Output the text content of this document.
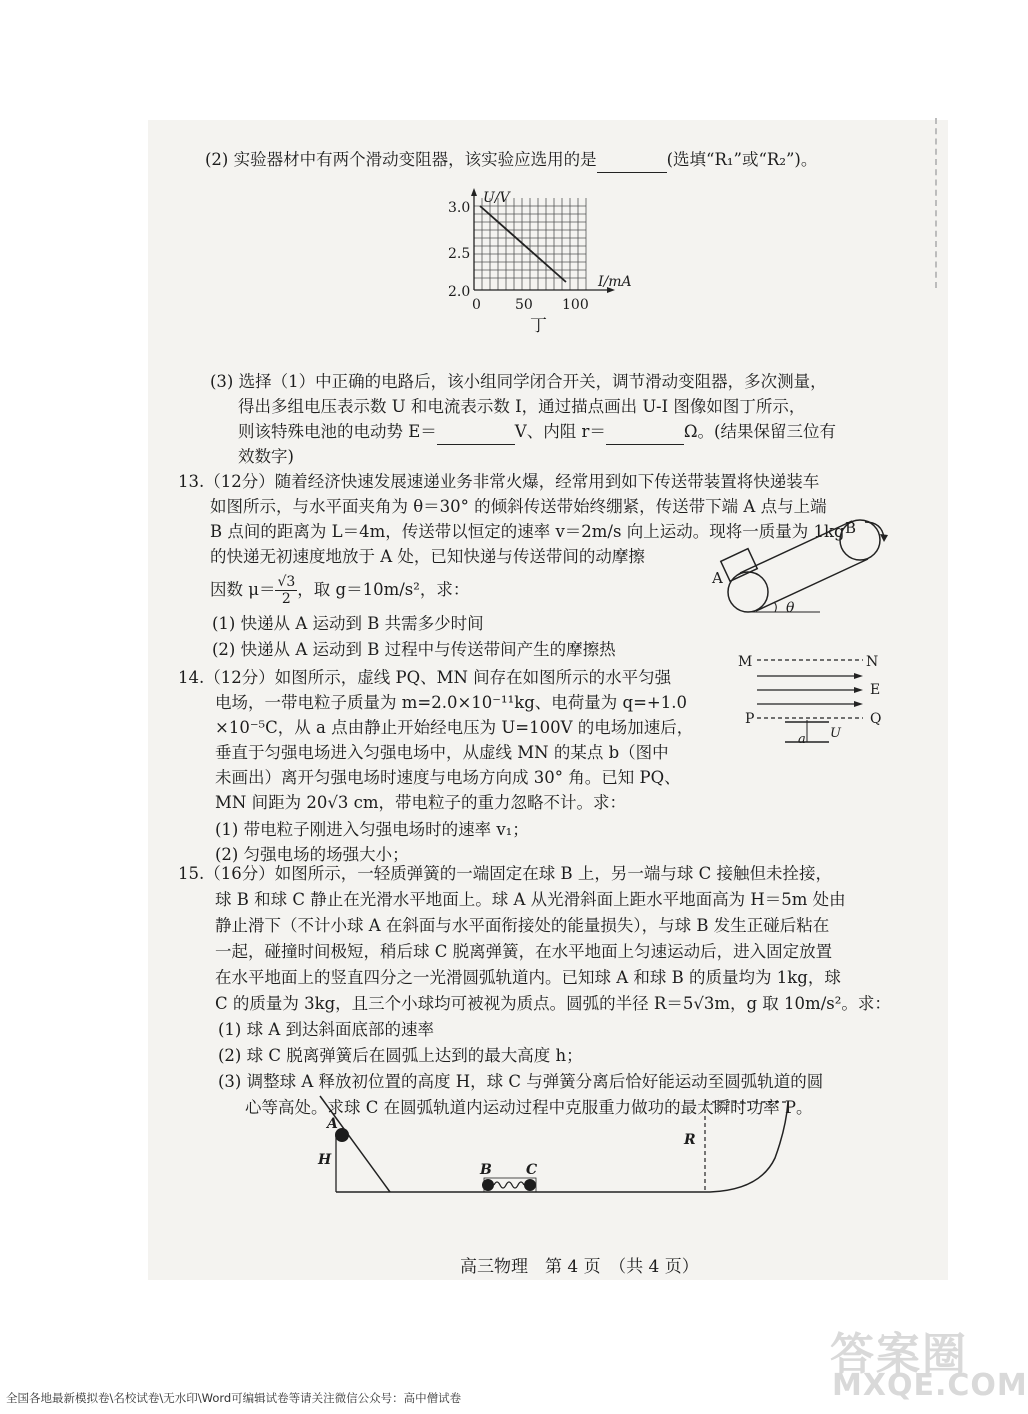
(2) 实验器材中有两个滑动变阻器，该实验应选用的是	(选填“R₁”或“R₂”)。
U/V
I/mA
3.0
2.5
2.0
0 50 100
丁
(3) 选择（1）中正确的电路后，该小组同学闭合开关，调节滑动变阻器，多次测量，
得出多组电压表示数 U 和电流表示数 I，通过描点画出 U-I 图像如图丁所示，
则该特殊电池的电动势 E＝	V、内阻 r＝	Ω。(结果保留三位有
效数字)
13.（12分）随着经济快速发展速递业务非常火爆，经常用到如下传送带装置将快递装车
如图所示，与水平面夹角为 θ＝30° 的倾斜传送带始终绷紧，传送带下端 A 点与上端
B 点间的距离为 L＝4m，传送带以恒定的速率 v＝2m/s 向上运动。现将一质量为 1kg
的快递无初速度地放于 A 处，已知快递与传送带间的动摩擦
因数 $\mu= \frac{√3}{2}$ ，取 g＝10m/s²，求：
(1) 快递从 A 运动到 B 共需多少时间
(2) 快递从 A 运动到 B 过程中与传送带间产生的摩擦热
A
B
θ
14.（12分）如图所示，虚线 PQ、MN 间存在如图所示的水平匀强
电场，一带电粒子质量为 m=2.0×10⁻¹¹kg、电荷量为 q=+1.0
×10⁻⁵C，从 a 点由静止开始经电压为 U=100V 的电场加速后，
垂直于匀强电场进入匀强电场中，从虚线 MN 的某点 b（图中
未画出）离开匀强电场时速度与电场方向成 30° 角。已知 PQ、
MN 间距为 20√3 cm，带电粒子的重力忽略不计。求：
(1) 带电粒子刚进入匀强电场时的速率 v₁；
(2) 匀强电场的场强大小；
M	N
E
P	Q
a U
15.（16分）如图所示，一轻质弹簧的一端固定在球 B 上，另一端与球 C 接触但未拴接，
球 B 和球 C 静止在光滑水平地面上。球 A 从光滑斜面上距水平地面高为 H＝5m 处由
静止滑下（不计小球 A 在斜面与水平面衔接处的能量损失），与球 B 发生正碰后粘在
一起，碰撞时间极短，稍后球 C 脱离弹簧，在水平地面上匀速运动后，进入固定放置
在水平地面上的竖直四分之一光滑圆弧轨道内。已知球 A 和球 B 的质量均为 1kg，球
C 的质量为 3kg，且三个小球均可被视为质点。圆弧的半径 R＝5√3m，g 取 10m/s²。求：
(1) 球 A 到达斜面底部的速率
(2) 球 C 脱离弹簧后在圆弧上达到的最大高度 h；
(3) 调整球 A 释放初位置的高度 H，球 C 与弹簧分离后恰好能运动至圆弧轨道的圆
心等高处。求球 C 在圆弧轨道内运动过程中克服重力做功的最大瞬时功率 P。
A
H
B C
R
高三物理　第 4 页　（共 4 页）
答案圈
MXQE.COM
全国各地最新模拟卷\名校试卷\无水印\Word可编辑试卷等请关注微信公众号：高中僧试卷
